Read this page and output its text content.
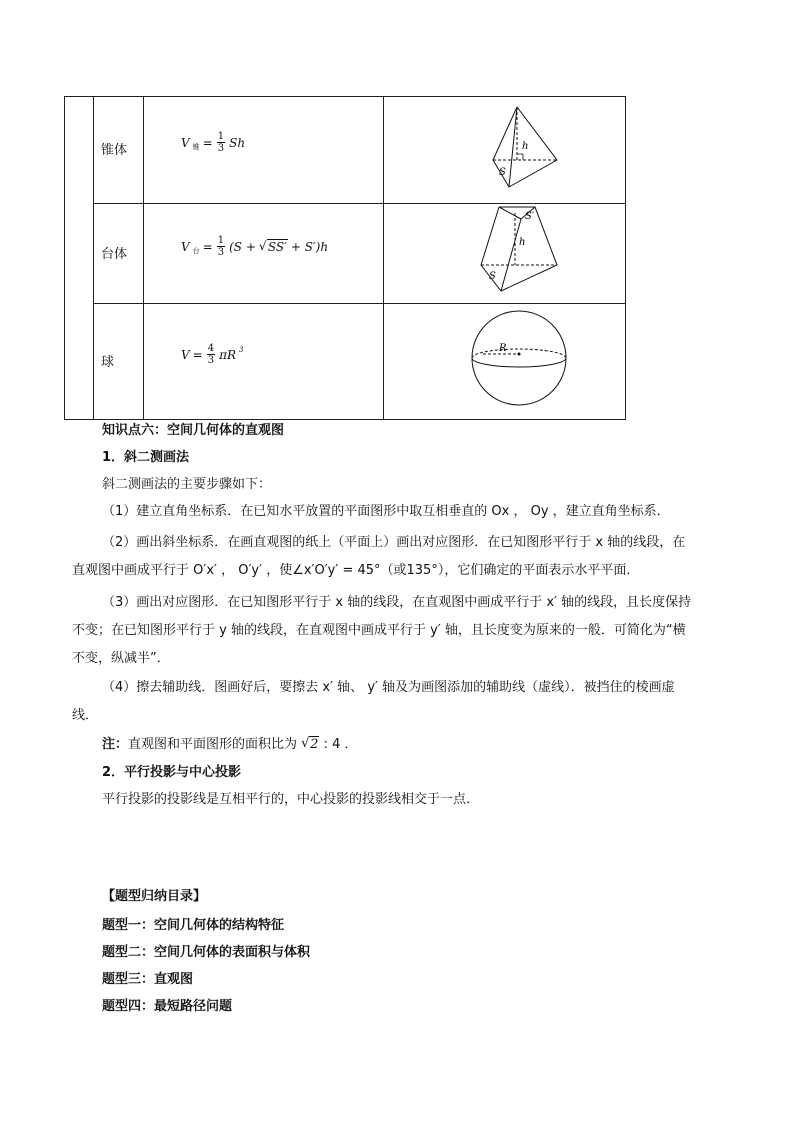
锥体
V 锥 = $\frac{1}{3}$ Sh	h
S
台体
V 台 = $\frac{1}{3} (S$ +
√	SS′ + S′)h
S′
h
S
球
$V = \frac{4}{3}$ πR 3	R
知识点六：空间几何体的直观图
1．斜二测画法
斜二测画法的主要步骤如下：
（1）建立直角坐标系．在已知水平放置的平面图形中取互相垂直的 Ox ， Oy ，建立直角坐标系．
（2）画出斜坐标系．在画直观图的纸上（平面上）画出对应图形．在已知图形平行于 x 轴的线段，在
直观图中画成平行于 O′x′ ， O′y′ ，使∠x′O′y′ = 45°（或135°），它们确定的平面表示水平平面．
（3）画出对应图形．在已知图形平行于 x 轴的线段，在直观图中画成平行于 x′ 轴的线段，且长度保持
不变；在已知图形平行于 y 轴的线段，在直观图中画成平行于 y′ 轴，且长度变为原来的一般．可简化为“横
不变，纵减半”．
（4）擦去辅助线．图画好后，要擦去 x′ 轴、 y′ 轴及为画图添加的辅助线（虚线）．被挡住的棱画虚
线．
注：直观图和平面图形的面积比为 √ 2 : 4 ．
2．平行投影与中心投影
平行投影的投影线是互相平行的，中心投影的投影线相交于一点．
【题型归纳目录】
题型一：空间几何体的结构特征
题型二：空间几何体的表面积与体积
题型三：直观图
题型四：最短路径问题
